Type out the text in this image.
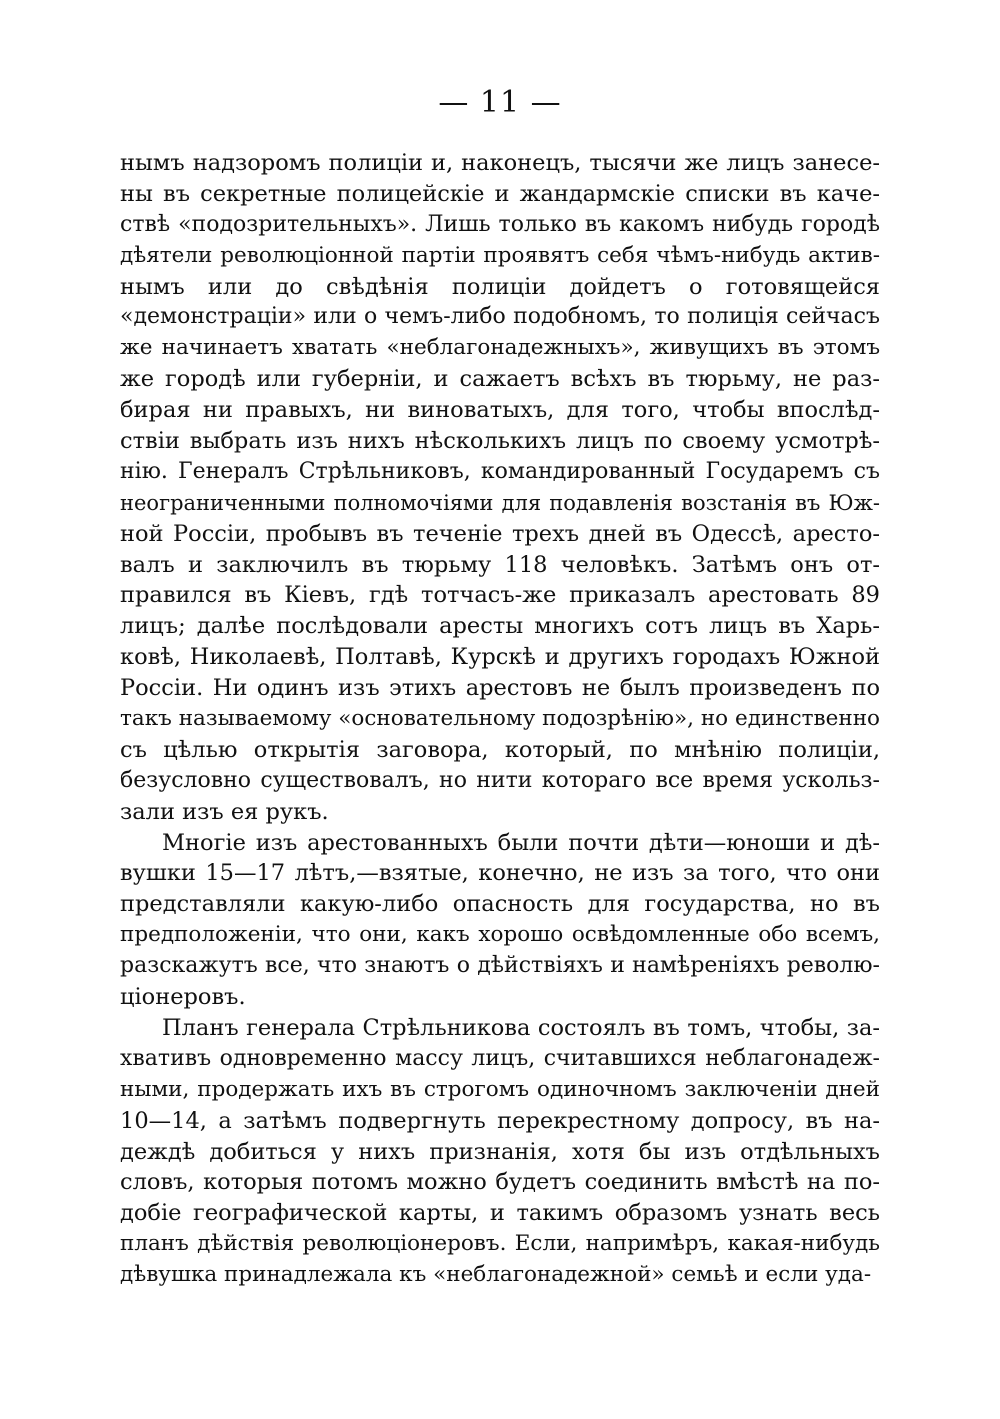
— 11 —
нымъ надзоромъ полиціи и, наконецъ, тысячи же лицъ занесе-
ны въ секретные полицейскіе и жандармскіе списки въ каче-
ствѣ «подозрительныхъ». Лишь только въ какомъ нибудь городѣ
дѣятели революціонной партіи проявятъ себя чѣмъ-нибудь актив-
нымъ или до свѣдѣнія полиціи дойдетъ о готовящейся
«демонстраціи» или о чемъ-либо подобномъ, то полиція сейчасъ
же начинаетъ хватать «неблагонадежныхъ», живущихъ въ этомъ
же городѣ или губерніи, и сажаетъ всѣхъ въ тюрьму, не раз-
бирая ни правыхъ, ни виноватыхъ, для того, чтобы впослѣд-
ствіи выбрать изъ нихъ нѣсколькихъ лицъ по своему усмотрѣ-
нію. Генералъ Стрѣльниковъ, командированный Государемъ съ
неограниченными полномочіями для подавленія возстанія въ Юж-
ной Россіи, пробывъ въ теченіе трехъ дней въ Одессѣ, аресто-
валъ и заключилъ въ тюрьму 118 человѣкъ. Затѣмъ онъ от-
правился въ Кіевъ, гдѣ тотчасъ-же приказалъ арестовать 89
лицъ; далѣе послѣдовали аресты многихъ сотъ лицъ въ Харь-
ковѣ, Николаевѣ, Полтавѣ, Курскѣ и другихъ городахъ Южной
Россіи. Ни одинъ изъ этихъ арестовъ не былъ произведенъ по
такъ называемому «основательному подозрѣнію», но единственно
съ цѣлью открытія заговора, который, по мнѣнію полиціи,
безусловно существовалъ, но нити котораго все время ускольз-
зали изъ ея рукъ.
Многіе изъ арестованныхъ были почти дѣти—юноши и дѣ-
вушки 15—17 лѣтъ,—взятые, конечно, не изъ за того, что они
представляли какую-либо опасность для государства, но въ
предположеніи, что они, какъ хорошо освѣдомленные обо всемъ,
разскажутъ все, что знаютъ о дѣйствіяхъ и намѣреніяхъ револю-
ціонеровъ.
Планъ генерала Стрѣльникова состоялъ въ томъ, чтобы, за-
хвативъ одновременно массу лицъ, считавшихся неблагонадеж-
ными, продержать ихъ въ строгомъ одиночномъ заключеніи дней
10—14, а затѣмъ подвергнуть перекрестному допросу, въ на-
деждѣ добиться у нихъ признанія, хотя бы изъ отдѣльныхъ
словъ, которыя потомъ можно будетъ соединить вмѣстѣ на по-
добіе географической карты, и такимъ образомъ узнать весь
планъ дѣйствія революціонеровъ. Если, напримѣръ, какая-нибудь
дѣвушка принадлежала къ «неблагонадежной» семьѣ и если уда-
